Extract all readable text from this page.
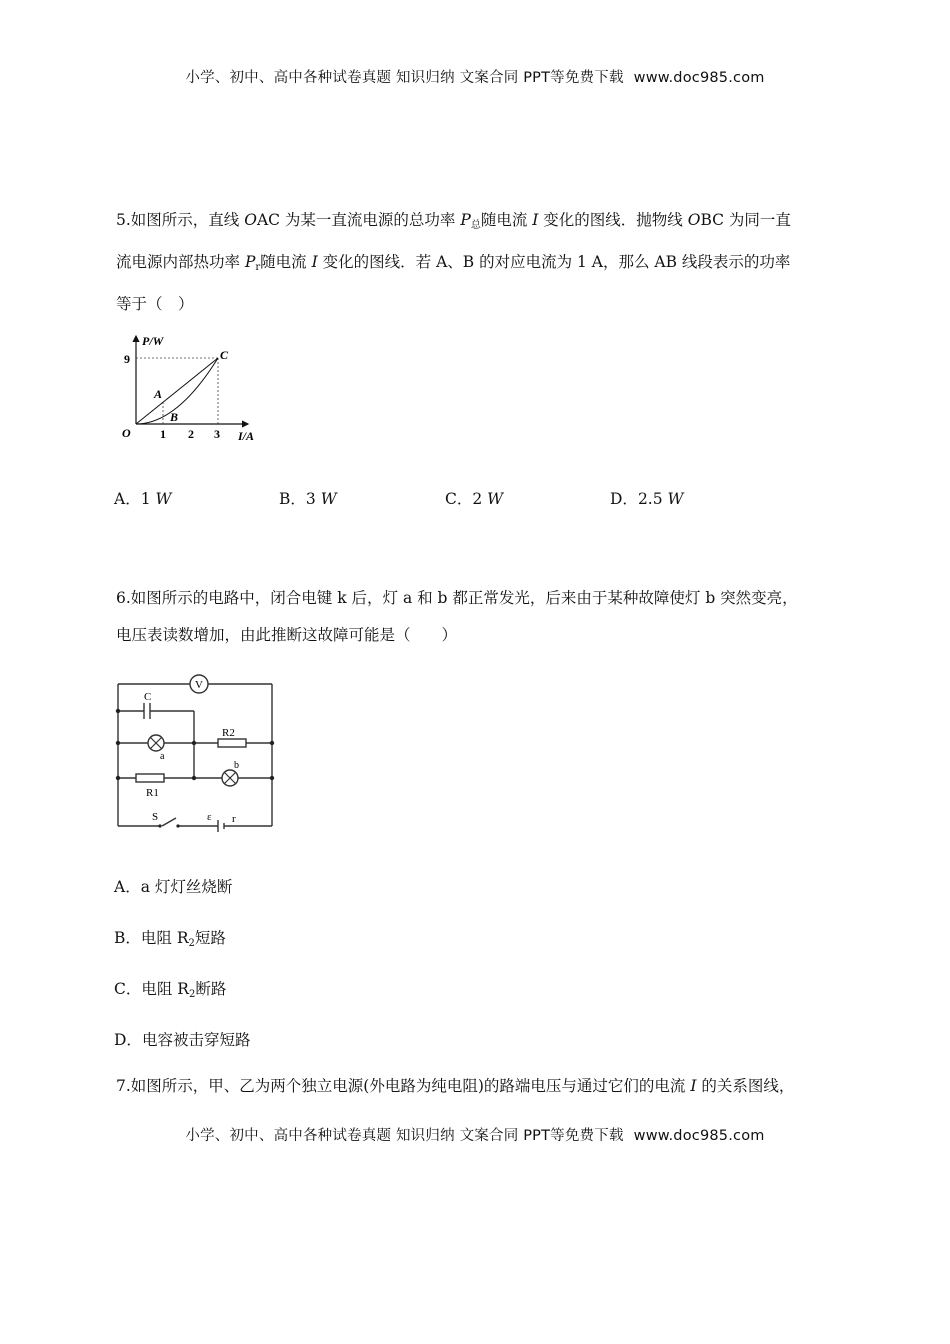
小学、初中、高中各种试卷真题 知识归纳 文案合同 PPT等免费下载 www.doc985.com
5.如图所示，直线 OAC 为某一直流电源的总功率 $P_总$随电流 I 变化的图线．抛物线 OBC 为同一直
流电源内部热功率 $P_r$随电流 I 变化的图线．若 A、B 的对应电流为 1 A，那么 AB 线段表示的功率
等于（　）
P/W
I/A
O
9
1 2 3
A
B
C
A．1 W	B．3 W	C．2 W	D．2.5 W
6.如图所示的电路中，闭合电键 k 后，灯 a 和 b 都正常发光，后来由于某种故障使灯 b 突然变亮，
电压表读数增加，由此推断这故障可能是（　　）
V
C
R2
a
b
R1
S	ε r
A．a 灯灯丝烧断
B．电阻 $R_2$短路
C．电阻 $R_2$断路
D．电容被击穿短路
7.如图所示，甲、乙为两个独立电源(外电路为纯电阻)的路端电压与通过它们的电流 I 的关系图线，
小学、初中、高中各种试卷真题 知识归纳 文案合同 PPT等免费下载 www.doc985.com
